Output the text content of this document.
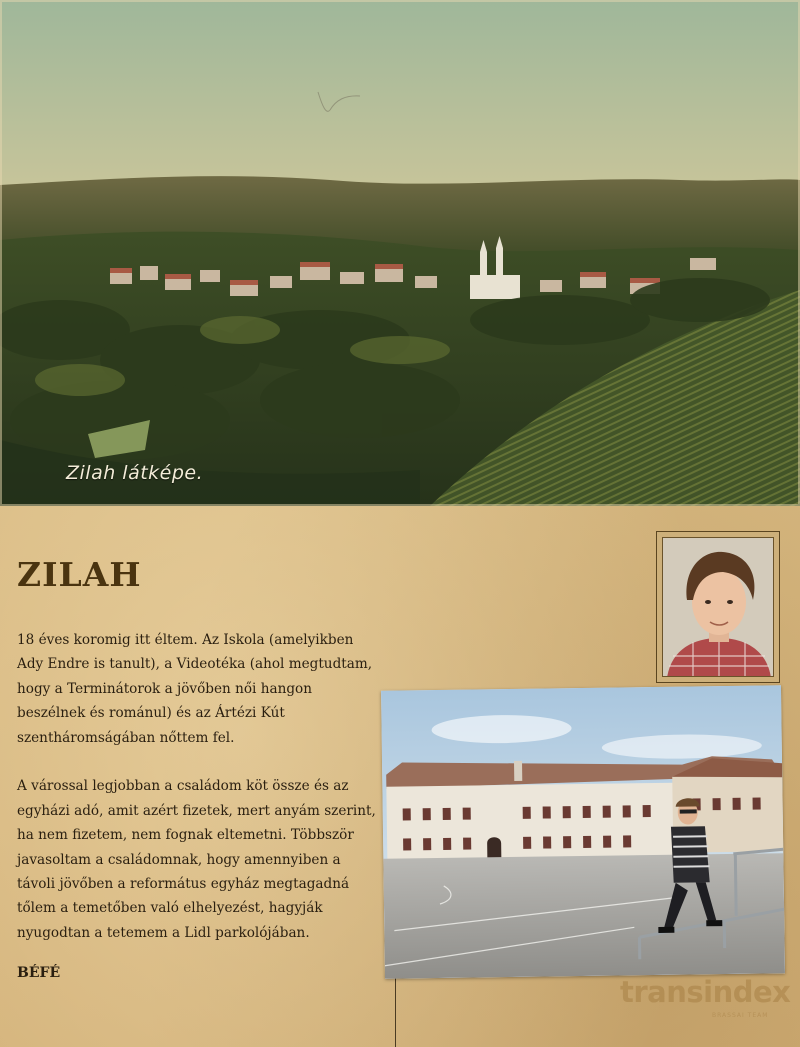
Zilah látképe.
ZILAH

18 éves koromig itt éltem. Az Iskola (amelyikben Ady Endre is tanult), a Videotéka (ahol megtudtam, hogy a Terminátorok a jövőben női hangon beszélnek és románul) és az Ártézi Kút szentháromságában nőttem fel.

A várossal legjobban a családom köt össze és az egyházi adó, amit azért fizetek, mert anyám szerint, ha nem fizetem, nem fognak eltemetni. Többször javasoltam a családomnak, hogy amennyiben a távoli jövőben a református egyház megtagadná tőlem a temetőben való elhelyezést, hagyják nyugodtan a tetemem a Lidl parkolójában.

BÉFÉ
transindex
BRASSAI TEAM
